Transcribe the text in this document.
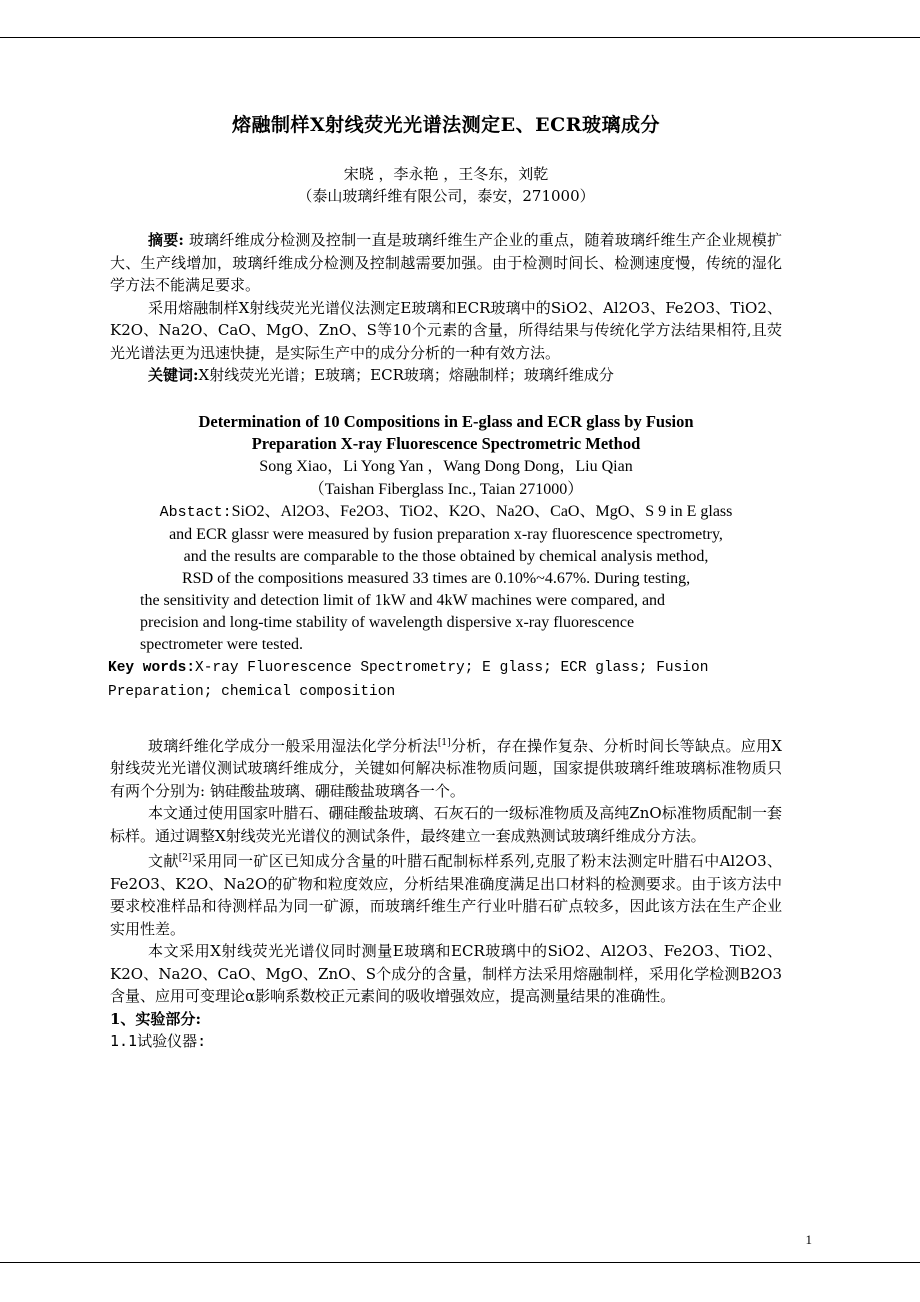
熔融制样X射线荧光光谱法测定E、ECR玻璃成分
宋晓 ，李永艳 ，王冬东，刘乾
（泰山玻璃纤维有限公司，泰安，271000）

摘要: 玻璃纤维成分检测及控制一直是玻璃纤维生产企业的重点，随着玻璃纤维生产企业规模扩大、生产线增加，玻璃纤维成分检测及控制越需要加强。由于检测时间长、检测速度慢，传统的湿化学方法不能满足要求。

采用熔融制样X射线荧光光谱仪法测定E玻璃和ECR玻璃中的SiO2、Al2O3、Fe2O3、TiO2、K2O、Na2O、CaO、MgO、ZnO、S等10个元素的含量，所得结果与传统化学方法结果相符,且荧光光谱法更为迅速快捷，是实际生产中的成分分析的一种有效方法。

关键词:X射线荧光光谱；E玻璃；ECR玻璃；熔融制样；玻璃纤维成分

Determination of 10 Compositions in E-glass and ECR glass by Fusion
Preparation X-ray Fluorescence Spectrometric Method
Song Xiao，Li Yong Yan ，Wang Dong Dong，Liu Qian
（Taishan Fiberglass Inc., Taian 271000）
Abstact:SiO2、Al2O3、Fe2O3、TiO2、K2O、Na2O、CaO、MgO、S 9 in E glass
and ECR glassr were measured by fusion preparation x-ray fluorescence spectrometry,
and the results are comparable to the those obtained by chemical analysis method,
RSD of the compositions measured 33 times are 0.10%~4.67%. During testing,
the sensitivity and detection limit of 1kW and 4kW machines were compared, and
precision and long-time stability of wavelength dispersive x-ray fluorescence
spectrometer were tested.
Key words:X-ray Fluorescence Spectrometry; E glass; ECR glass; Fusion Preparation; chemical composition

玻璃纤维化学成分一般采用湿法化学分析法[1]分析，存在操作复杂、分析时间长等缺点。应用X射线荧光光谱仪测试玻璃纤维成分，关键如何解决标准物质问题，国家提供玻璃纤维玻璃标准物质只有两个分别为: 钠硅酸盐玻璃、硼硅酸盐玻璃各一个。

本文通过使用国家叶腊石、硼硅酸盐玻璃、石灰石的一级标准物质及高纯ZnO标准物质配制一套标样。通过调整X射线荧光光谱仪的测试条件，最终建立一套成熟测试玻璃纤维成分方法。

文献[2]采用同一矿区已知成分含量的叶腊石配制标样系列,克服了粉末法测定叶腊石中Al2O3、Fe2O3、K2O、Na2O的矿物和粒度效应，分析结果准确度满足出口材料的检测要求。由于该方法中要求校准样品和待测样品为同一矿源，而玻璃纤维生产行业叶腊石矿点较多，因此该方法在生产企业实用性差。

本文采用X射线荧光光谱仪同时测量E玻璃和ECR玻璃中的SiO2、Al2O3、Fe2O3、TiO2、K2O、Na2O、CaO、MgO、ZnO、S个成分的含量，制样方法采用熔融制样，采用化学检测B2O3含量、应用可变理论α影响系数校正元素间的吸收增强效应，提高测量结果的准确性。

1、实验部分:

1.1试验仪器:

1
